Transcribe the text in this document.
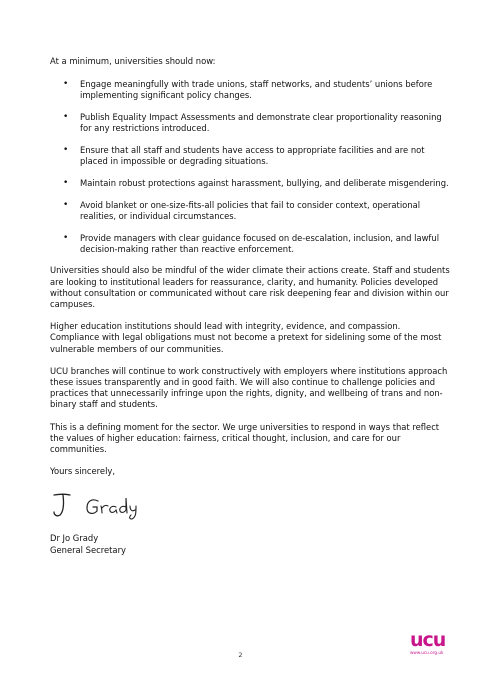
At a minimum, universities should now:

• Engage meaningfully with trade unions, staff networks, and students’ unions before implementing significant policy changes.
• Publish Equality Impact Assessments and demonstrate clear proportionality reasoning for any restrictions introduced.
• Ensure that all staff and students have access to appropriate facilities and are not placed in impossible or degrading situations.
• Maintain robust protections against harassment, bullying, and deliberate misgendering.
• Avoid blanket or one-size-fits-all policies that fail to consider context, operational realities, or individual circumstances.
• Provide managers with clear guidance focused on de-escalation, inclusion, and lawful decision-making rather than reactive enforcement.

Universities should also be mindful of the wider climate their actions create. Staff and students are looking to institutional leaders for reassurance, clarity, and humanity. Policies developed without consultation or communicated without care risk deepening fear and division within our campuses.

Higher education institutions should lead with integrity, evidence, and compassion. Compliance with legal obligations must not become a pretext for sidelining some of the most vulnerable members of our communities.

UCU branches will continue to work constructively with employers where institutions approach these issues transparently and in good faith. We will also continue to challenge policies and practices that unnecessarily infringe upon the rights, dignity, and wellbeing of trans and non-binary staff and students.

This is a defining moment for the sector. We urge universities to respond in ways that reflect the values of higher education: fairness, critical thought, inclusion, and care for our communities.

Yours sincerely,

Dr Jo Grady

General Secretary

2
ucu
www.ucu.org.uk
